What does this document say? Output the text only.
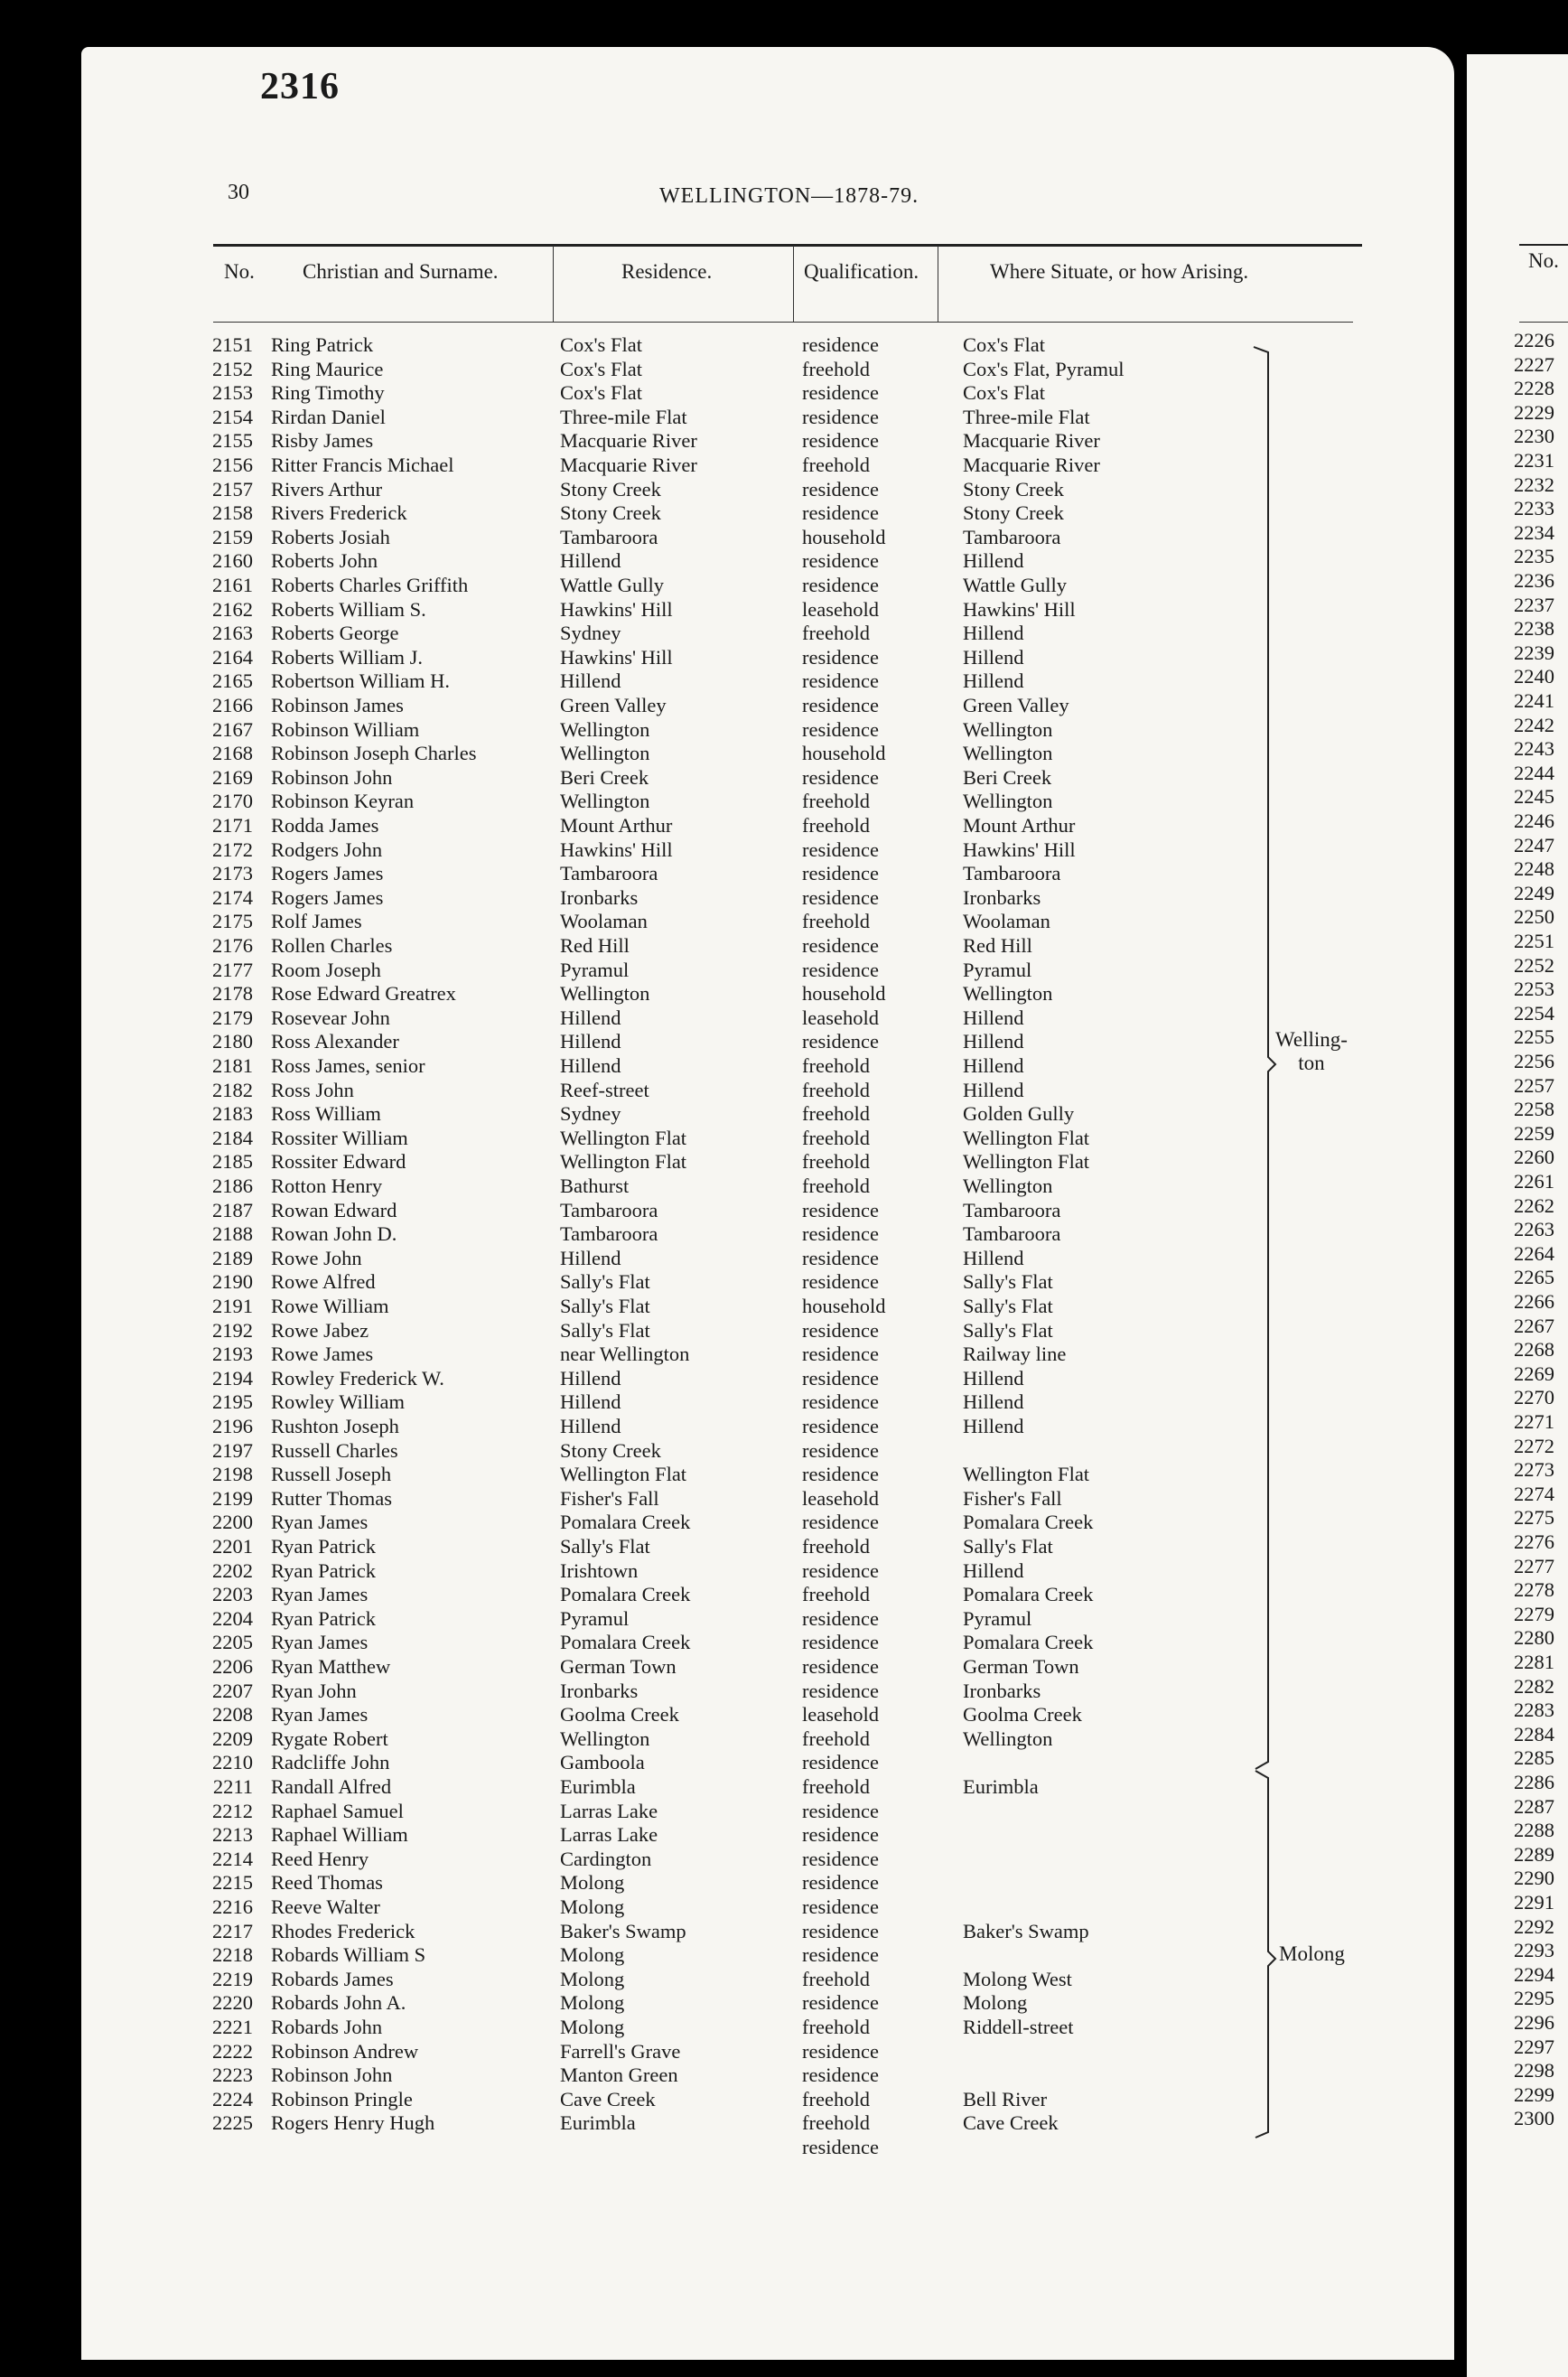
2316
30	WELLINGTON—1878-79.
No. Christian and Surname.	Residence.	Qualification.	Where Situate, or how Arising.
2151 Ring Patrick	Cox's Flat	residence	Cox's Flat
2152 Ring Maurice	Cox's Flat	freehold	Cox's Flat, Pyramul
2153 Ring Timothy	Cox's Flat	residence	Cox's Flat
2154 Rirdan Daniel	Three-mile Flat	residence	Three-mile Flat
2155 Risby James	Macquarie River	residence	Macquarie River
2156 Ritter Francis Michael	Macquarie River	freehold	Macquarie River
2157 Rivers Arthur	Stony Creek	residence	Stony Creek
2158 Rivers Frederick	Stony Creek	residence	Stony Creek
2159 Roberts Josiah	Tambaroora	household	Tambaroora
2160 Roberts John	Hillend	residence	Hillend
2161 Roberts Charles Griffith	Wattle Gully	residence	Wattle Gully
2162 Roberts William S.	Hawkins' Hill	leasehold	Hawkins' Hill
2163 Roberts George	Sydney	freehold	Hillend
2164 Roberts William J.	Hawkins' Hill	residence	Hillend
2165 Robertson William H.	Hillend	residence	Hillend
2166 Robinson James	Green Valley	residence	Green Valley
2167 Robinson William	Wellington	residence	Wellington
2168 Robinson Joseph Charles	Wellington	household	Wellington
2169 Robinson John	Beri Creek	residence	Beri Creek
2170 Robinson Keyran	Wellington	freehold	Wellington
2171 Rodda James	Mount Arthur	freehold	Mount Arthur
2172 Rodgers John	Hawkins' Hill	residence	Hawkins' Hill
2173 Rogers James	Tambaroora	residence	Tambaroora
2174 Rogers James	Ironbarks	residence	Ironbarks
2175 Rolf James	Woolaman	freehold	Woolaman
2176 Rollen Charles	Red Hill	residence	Red Hill
2177 Room Joseph	Pyramul	residence	Pyramul
2178 Rose Edward Greatrex	Wellington	household	Wellington
2179 Rosevear John	Hillend	leasehold	Hillend
2180 Ross Alexander	Hillend	residence	Hillend
2181 Ross James, senior	Hillend	freehold	Hillend
2182 Ross John	Reef-street	freehold	Hillend
2183 Ross William	Sydney	freehold	Golden Gully
2184 Rossiter William	Wellington Flat	freehold	Wellington Flat
2185 Rossiter Edward	Wellington Flat	freehold	Wellington Flat
2186 Rotton Henry	Bathurst	freehold	Wellington
2187 Rowan Edward	Tambaroora	residence	Tambaroora
2188 Rowan John D.	Tambaroora	residence	Tambaroora
2189 Rowe John	Hillend	residence	Hillend
2190 Rowe Alfred	Sally's Flat	residence	Sally's Flat
2191 Rowe William	Sally's Flat	household	Sally's Flat
2192 Rowe Jabez	Sally's Flat	residence	Sally's Flat
2193 Rowe James	near Wellington	residence	Railway line
2194 Rowley Frederick W.	Hillend	residence	Hillend
2195 Rowley William	Hillend	residence	Hillend
2196 Rushton Joseph	Hillend	residence	Hillend
2197 Russell Charles	Stony Creek	residence
2198 Russell Joseph	Wellington Flat	residence	Wellington Flat
2199 Rutter Thomas	Fisher's Fall	leasehold	Fisher's Fall
2200 Ryan James	Pomalara Creek	residence	Pomalara Creek
2201 Ryan Patrick	Sally's Flat	freehold	Sally's Flat
2202 Ryan Patrick	Irishtown	residence	Hillend
2203 Ryan James	Pomalara Creek	freehold	Pomalara Creek
2204 Ryan Patrick	Pyramul	residence	Pyramul
2205 Ryan James	Pomalara Creek	residence	Pomalara Creek
2206 Ryan Matthew	German Town	residence	German Town
2207 Ryan John	Ironbarks	residence	Ironbarks
2208 Ryan James	Goolma Creek	leasehold	Goolma Creek
2209 Rygate Robert	Wellington	freehold	Wellington
2210 Radcliffe John	Gamboola	residence
2211 Randall Alfred	Eurimbla	freehold	Eurimbla
2212 Raphael Samuel	Larras Lake	residence
2213 Raphael William	Larras Lake	residence
2214 Reed Henry	Cardington	residence
2215 Reed Thomas	Molong	residence
2216 Reeve Walter	Molong	residence
2217 Rhodes Frederick	Baker's Swamp	residence	Baker's Swamp
2218 Robards William S	Molong	residence
2219 Robards James	Molong	freehold	Molong West
2220 Robards John A.	Molong	residence	Molong
2221 Robards John	Molong	freehold	Riddell-street
2222 Robinson Andrew	Farrell's Grave	residence
2223 Robinson John	Manton Green	residence
2224 Robinson Pringle	Cave Creek	freehold	Bell River
2225 Rogers Henry Hugh	Eurimbla	freehold	Cave Creek
residence
Welling-
ton
Molong
No.
2226
2227
2228
2229
2230
2231
2232
2233
2234
2235
2236
2237
2238
2239
2240
2241
2242
2243
2244
2245
2246
2247
2248
2249
2250
2251
2252
2253
2254
2255
2256
2257
2258
2259
2260
2261
2262
2263
2264
2265
2266
2267
2268
2269
2270
2271
2272
2273
2274
2275
2276
2277
2278
2279
2280
2281
2282
2283
2284
2285
2286
2287
2288
2289
2290
2291
2292
2293
2294
2295
2296
2297
2298
2299
2300
